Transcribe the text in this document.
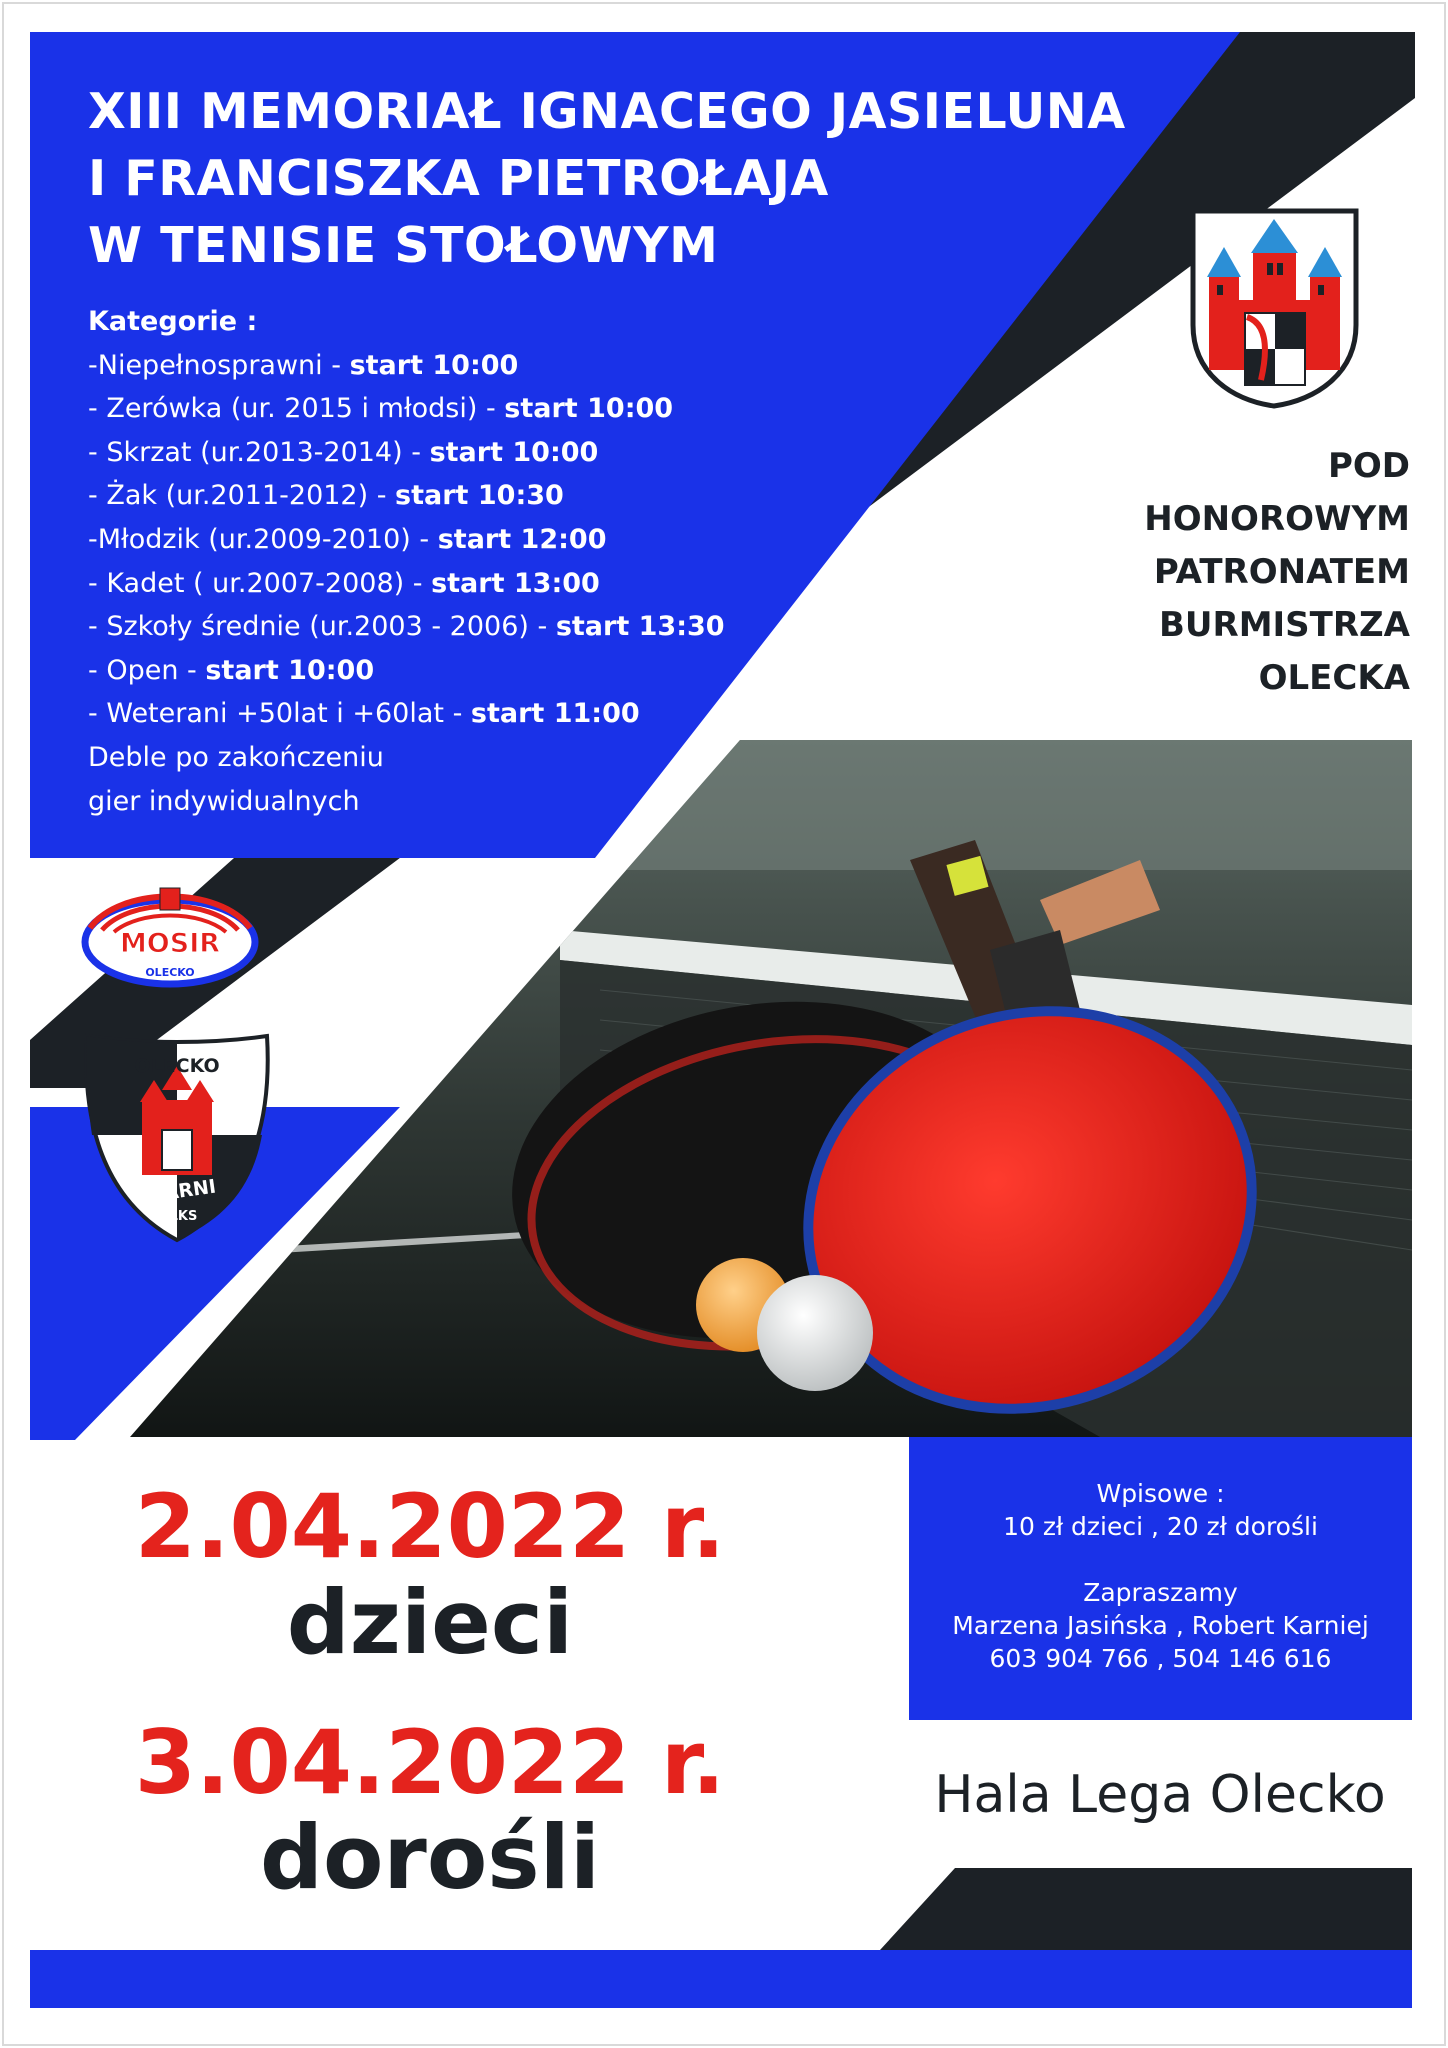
XIII MEMORIAŁ IGNACEGO JASIELUNA
I FRANCISZKA PIETROŁAJA
W TENISIE STOŁOWYM
Kategorie :
-Niepełnosprawni - start 10:00
- Zerówka (ur. 2015 i młodsi) - start 10:00
- Skrzat (ur.2013-2014) - start 10:00
- Żak (ur.2011-2012) - start 10:30
-Młodzik (ur.2009-2010) - start 12:00
- Kadet ( ur.2007-2008) - start 13:00
- Szkoły średnie (ur.2003 - 2006) - start 13:30
- Open - start 10:00
- Weterani +50lat i +60lat - start 11:00
Deble po zakończeniu
gier indywidualnych
POD
HONOROWYM
PATRONATEM
BURMISTRZA
OLECKA
MOSIR
OLECKO
OLECKO
CZARNI
MLKS
2.04.2022 r.
dzieci
3.04.2022 r.
dorośli
Wpisowe :
10 zł dzieci , 20 zł dorośli
Zapraszamy
Marzena Jasińska , Robert Karniej
603 904 766 , 504 146 616
Hala Lega Olecko
